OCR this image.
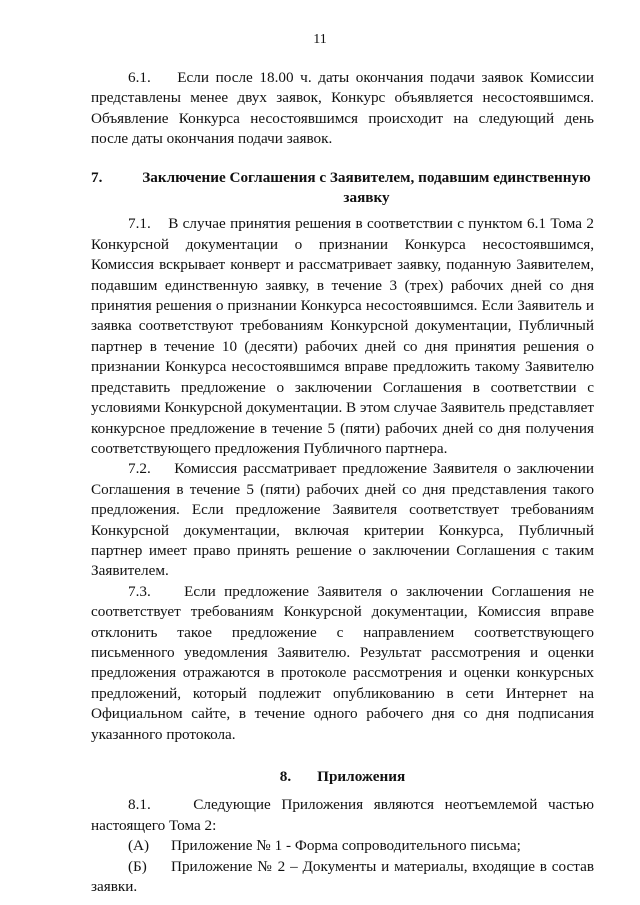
11

6.1.    Если после 18.00 ч. даты окончания подачи заявок Комиссии представлены менее двух заявок, Конкурс объявляется несостоявшимся. Объявление Конкурса несостоявшимся происходит на следующий день после даты окончания подачи заявок.

7.	Заключение Соглашения с Заявителем, подавшим единственную заявку

7.1.    В случае принятия решения в соответствии с пунктом 6.1 Тома 2 Конкурсной документации о признании Конкурса несостоявшимся, Комиссия вскрывает конверт и рассматривает заявку, поданную Заявителем, подавшим единственную заявку, в течение 3 (трех) рабочих дней со дня принятия решения о признании Конкурса несостоявшимся. Если Заявитель и заявка соответствуют требованиям Конкурсной документации, Публичный партнер в течение 10 (десяти) рабочих дней со дня принятия решения о признании Конкурса несостоявшимся вправе предложить такому Заявителю представить предложение о заключении Соглашения в соответствии с условиями Конкурсной документации. В этом случае Заявитель представляет конкурсное предложение в течение 5 (пяти) рабочих дней со дня получения соответствующего предложения Публичного партнера.

7.2.    Комиссия рассматривает предложение Заявителя о заключении Соглашения в течение 5 (пяти) рабочих дней со дня представления такого предложения. Если предложение Заявителя соответствует требованиям Конкурсной документации, включая критерии Конкурса, Публичный партнер имеет право принять решение о заключении Соглашения с таким Заявителем.

7.3.    Если предложение Заявителя о заключении Соглашения не соответствует требованиям Конкурсной документации, Комиссия вправе отклонить такое предложение с направлением соответствующего письменного уведомления Заявителю. Результат рассмотрения и оценки предложения отражаются в протоколе рассмотрения и оценки конкурсных предложений, который подлежит опубликованию в сети Интернет на Официальном сайте, в течение одного рабочего дня со дня подписания указанного протокола.

8. Приложения

8.1.    Следующие Приложения являются неотъемлемой частью настоящего Тома 2:

(А)	Приложение № 1 - Форма сопроводительного письма;
(Б) Приложение № 2 – Документы и материалы, входящие в состав заявки.
